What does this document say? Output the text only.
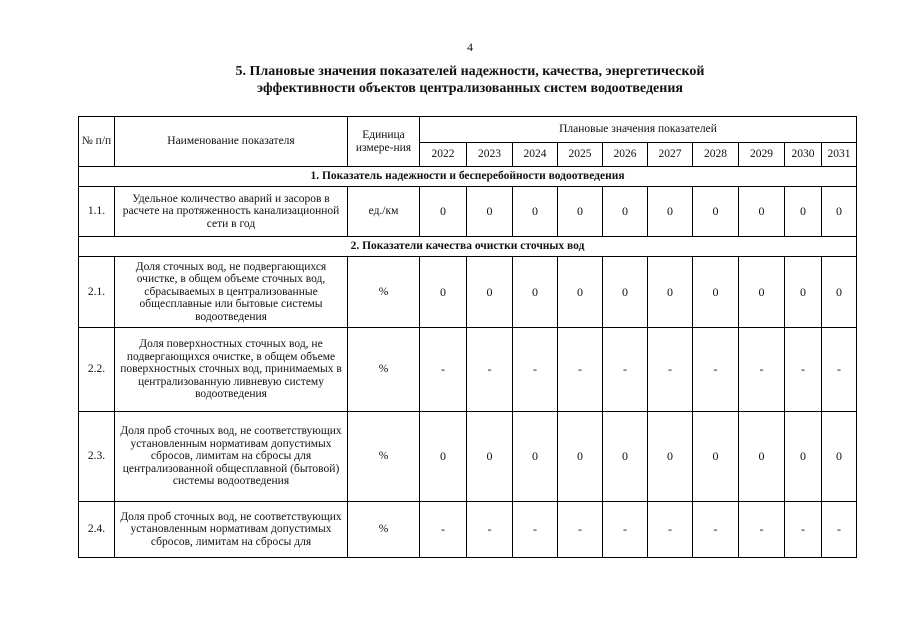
4
5. Плановые значения показателей надежности, качества, энергетической
эффективности объектов централизованных систем водоотведения
№ п/п	Наименование показателя	Единица измере-ния	Плановые значения показателей									
			2022	2023	2024	2025	2026	2027	2028	2029	2030	2031
1. Показатель надежности и бесперебойности водоотведения												
1.1.	Удельное количество аварий и засоров в расчете на протяженность канализационной сети в год	ед./км	0	0	0	0	0	0	0	0	0	0
2. Показатели качества очистки сточных вод												
2.1.	Доля сточных вод, не подвергающихся очистке, в общем объеме сточных вод, сбрасываемых в централизованные общесплавные или бытовые системы водоотведения	%	0	0	0	0	0	0	0	0	0	0
2.2.	Доля поверхностных сточных вод, не подвергающихся очистке, в общем объеме поверхностных сточных вод, принимаемых в централизованную ливневую систему водоотведения	%	-	-	-	-	-	-	-	-	-	-
2.3.	Доля проб сточных вод, не соответствующих установленным нормативам допустимых сбросов, лимитам на сбросы для централизованной общесплавной (бытовой) системы водоотведения	%	0	0	0	0	0	0	0	0	0	0
2.4.	Доля проб сточных вод, не соответствующих установленным нормативам допустимых сбросов, лимитам на сбросы для	%	-	-	-	-	-	-	-	-	-	-
